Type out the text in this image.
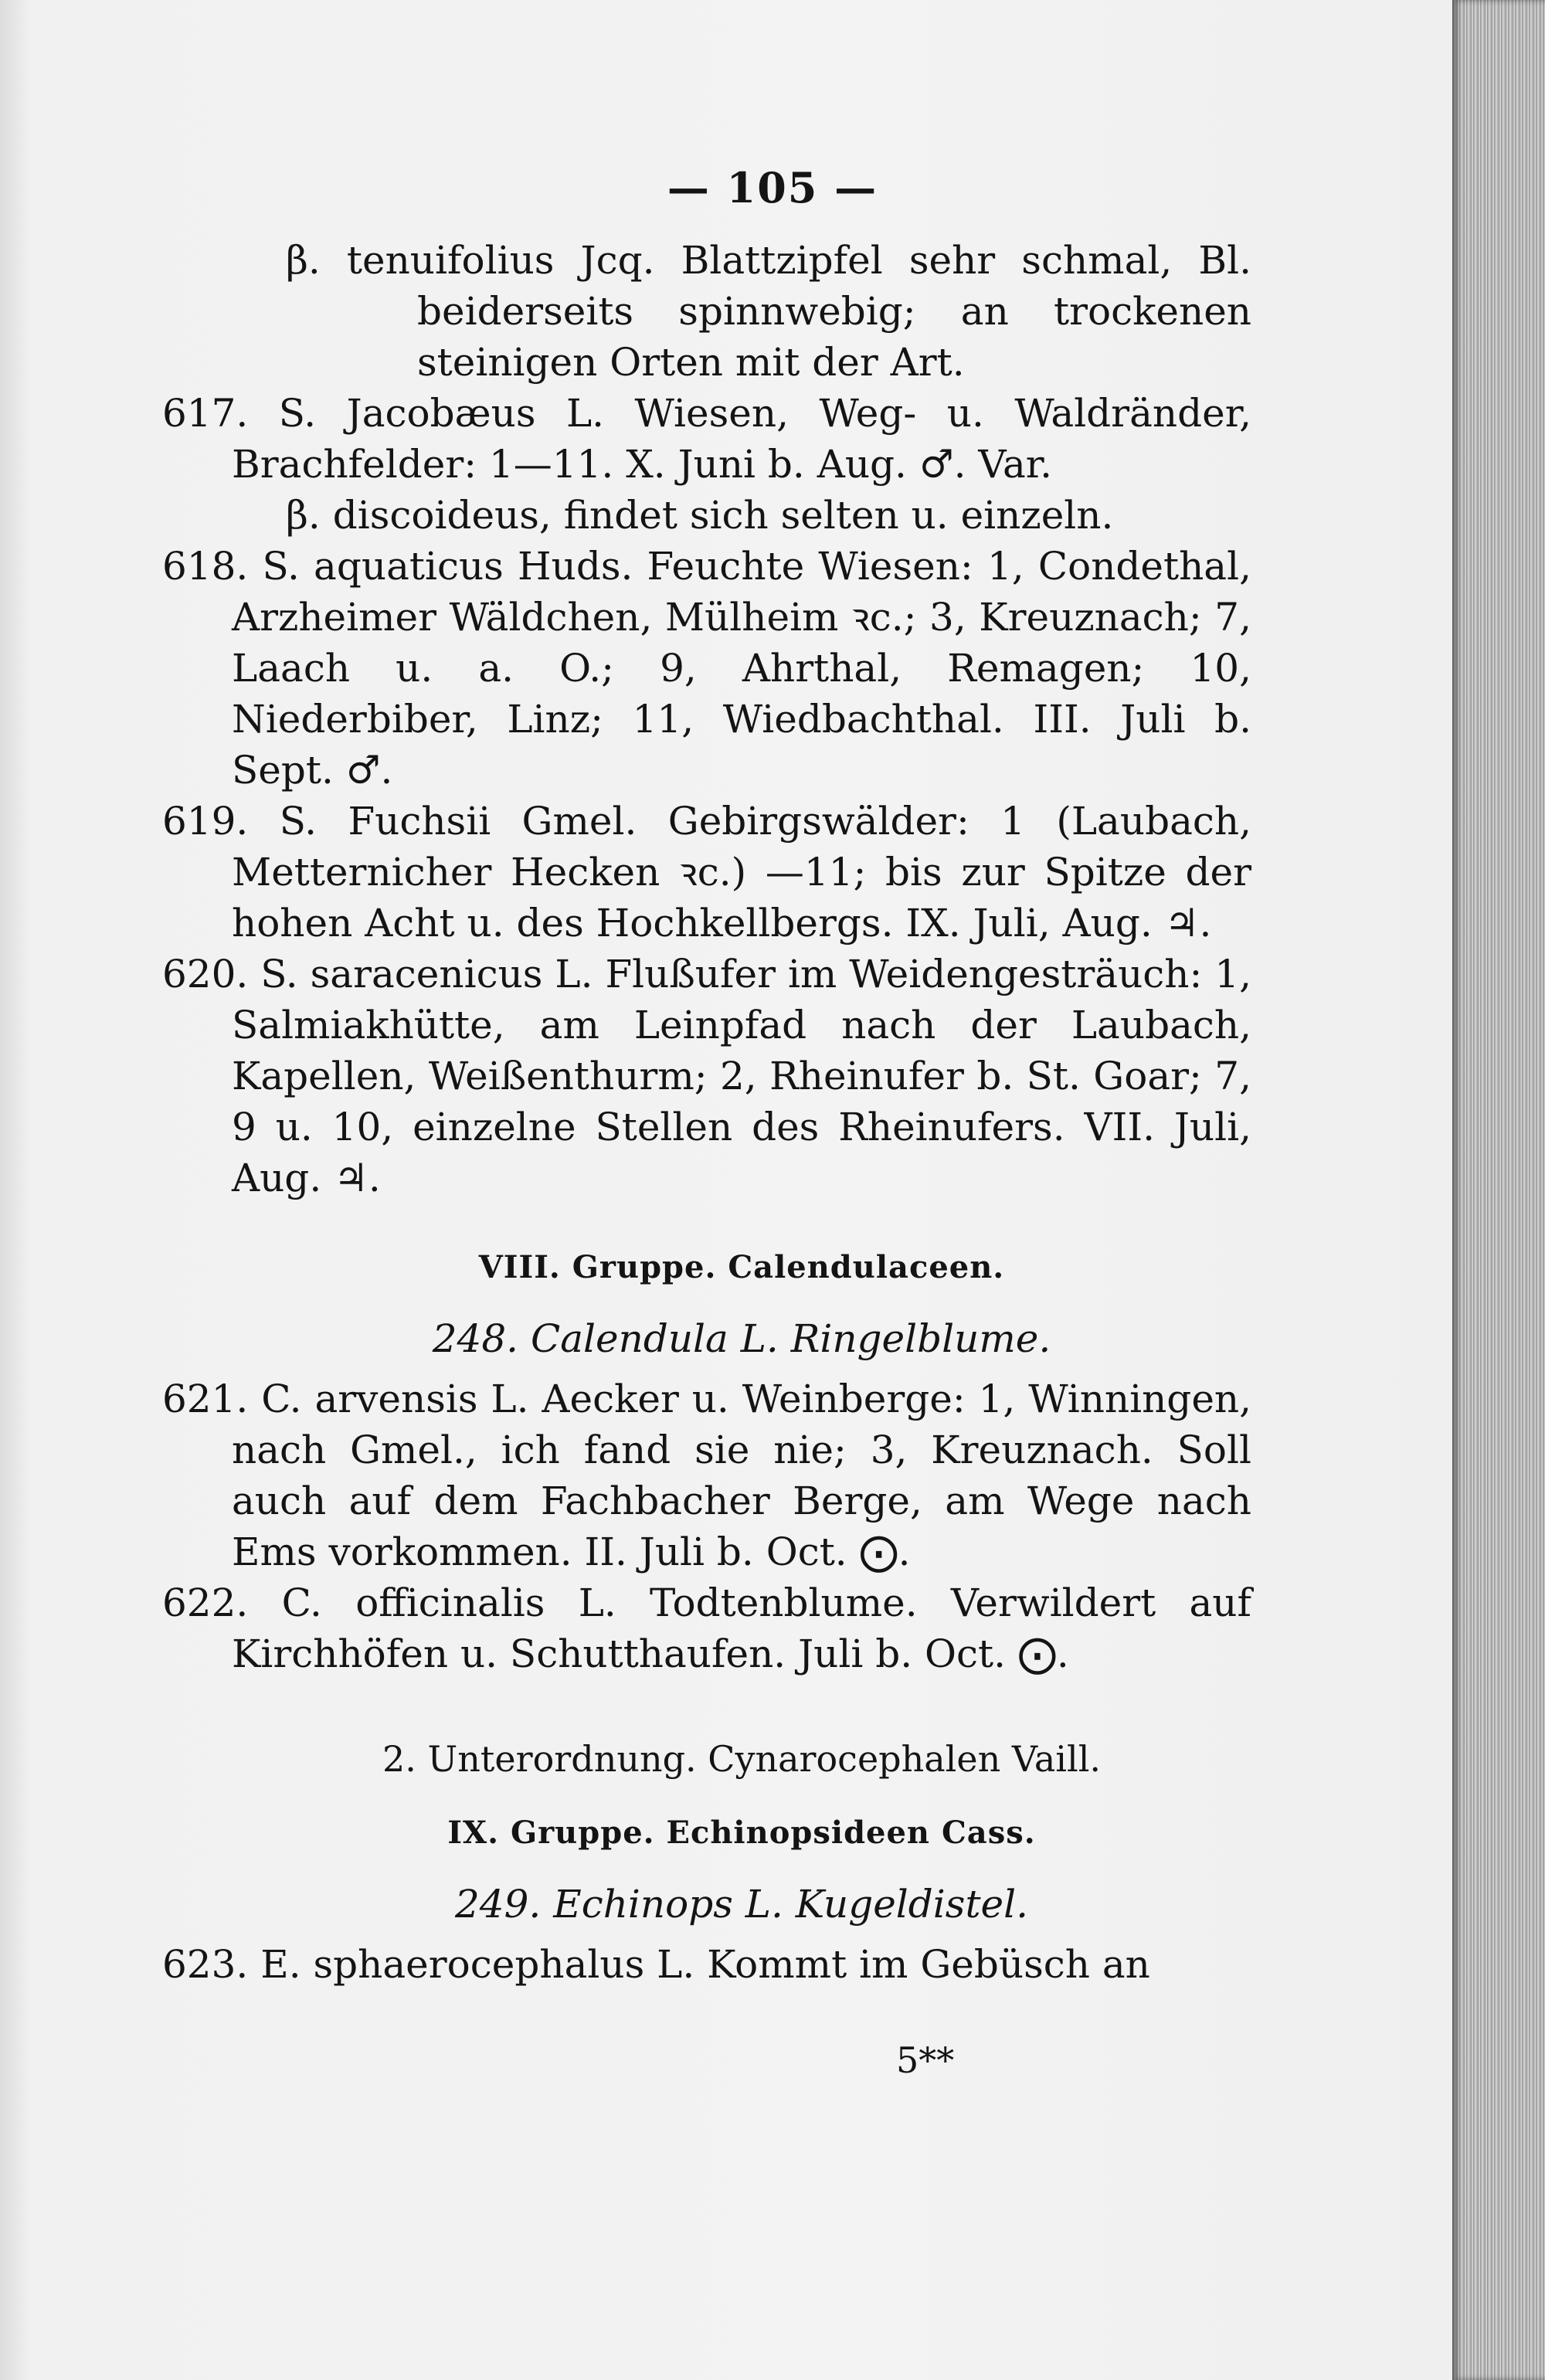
— 105 —

β. tenuifolius Jcq. Blattzipfel sehr schmal, Bl. beiderseits spinnwebig; an trockenen steinigen Orten mit der Art.

617. S. Jacobæus L. Wiesen, Weg- u. Waldränder, Brachfelder: 1—11. X. Juni b. Aug. ♂. Var.

β. discoideus, findet sich selten u. einzeln.

618. S. aquaticus Huds. Feuchte Wiesen: 1, Condethal, Arzheimer Wäldchen, Mülheim ꝛc.; 3, Kreuznach; 7, Laach u. a. O.; 9, Ahrthal, Remagen; 10, Niederbiber, Linz; 11, Wiedbachthal. III. Juli b. Sept. ♂.

619. S. Fuchsii Gmel. Gebirgswälder: 1 (Laubach, Metternicher Hecken ꝛc.) —11; bis zur Spitze der hohen Acht u. des Hochkellbergs. IX. Juli, Aug. ♃.

620. S. saracenicus L. Flußufer im Weidengesträuch: 1, Salmiakhütte, am Leinpfad nach der Laubach, Kapellen, Weißenthurm; 2, Rheinufer b. St. Goar; 7, 9 u. 10, einzelne Stellen des Rheinufers. VII. Juli, Aug. ♃.

VIII. Gruppe. Calendulaceen.
248. Calendula L. Ringelblume.

621. C. arvensis L. Aecker u. Weinberge: 1, Winningen, nach Gmel., ich fand sie nie; 3, Kreuznach. Soll auch auf dem Fachbacher Berge, am Wege nach Ems vorkommen. II. Juli b. Oct. ⨀.

622. C. officinalis L. Todtenblume. Verwildert auf Kirchhöfen u. Schutthaufen. Juli b. Oct. ⨀.

2. Unterordnung. Cynarocephalen Vaill.
IX. Gruppe. Echinopsideen Cass.
249. Echinops L. Kugeldistel.

623. E. sphaerocephalus L. Kommt im Gebüsch an

5**
